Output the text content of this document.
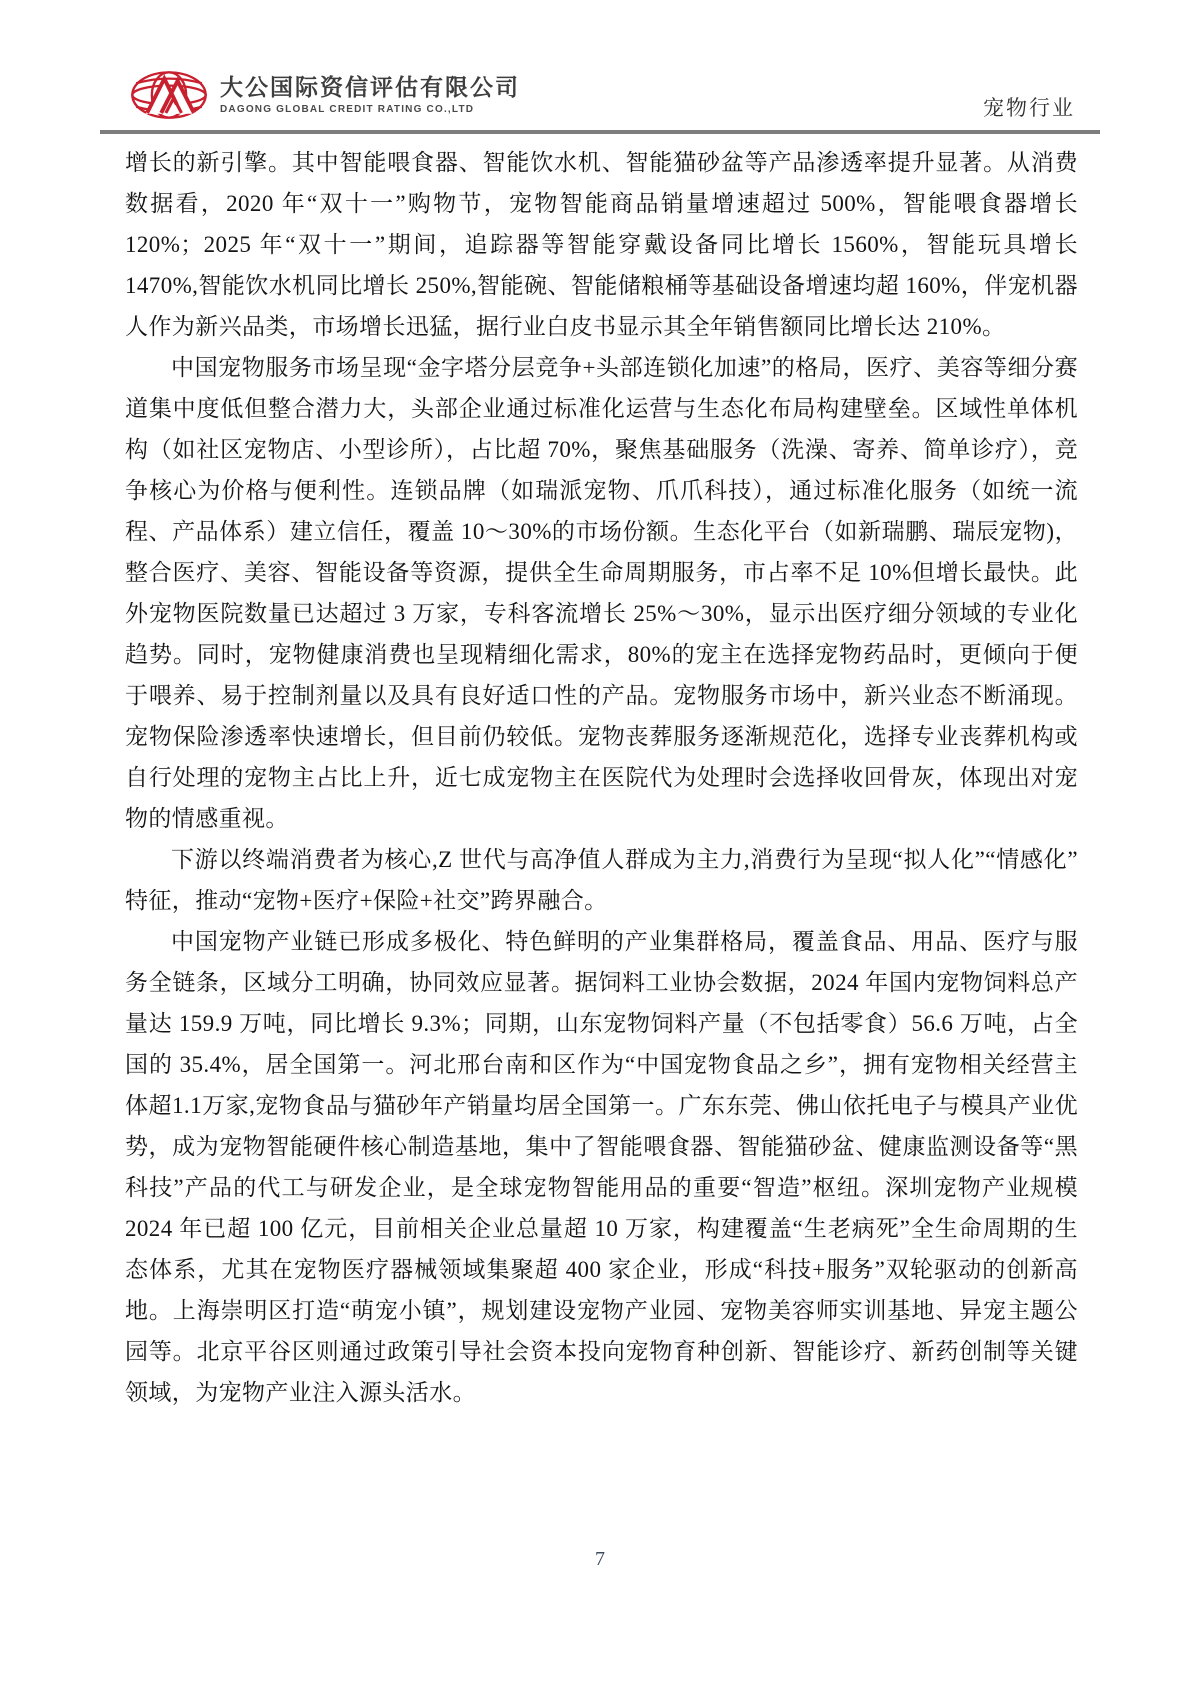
大公国际资信评估有限公司
DAGONG GLOBAL CREDIT RATING CO.,LTD	宠物行业

增长的新引擎。其中智能喂食器、智能饮水机、智能猫砂盆等产品渗透率提升显著。从消费数据看，2020 年“双十一”购物节，宠物智能商品销量增速超过 500%，智能喂食器增长 120%；2025 年“双十一”期间，追踪器等智能穿戴设备同比增长 1560%，智能玩具增长 1470%,智能饮水机同比增长 250%,智能碗、智能储粮桶等基础设备增速均超 160%，伴宠机器人作为新兴品类，市场增长迅猛，据行业白皮书显示其全年销售额同比增长达 210%。

中国宠物服务市场呈现“金字塔分层竞争+头部连锁化加速”的格局，医疗、美容等细分赛道集中度低但整合潜力大，头部企业通过标准化运营与生态化布局构建壁垒。区域性单体机构（如社区宠物店、小型诊所），占比超 70%，聚焦基础服务（洗澡、寄养、简单诊疗），竞争核心为价格与便利性。连锁品牌（如瑞派宠物、爪爪科技），通过标准化服务（如统一流程、产品体系）建立信任，覆盖 10～30%的市场份额。生态化平台（如新瑞鹏、瑞辰宠物)，整合医疗、美容、智能设备等资源，提供全生命周期服务，市占率不足 10%但增长最快。此外宠物医院数量已达超过 3 万家，专科客流增长 25%～30%，显示出医疗细分领域的专业化趋势。同时，宠物健康消费也呈现精细化需求，80%的宠主在选择宠物药品时，更倾向于便于喂养、易于控制剂量以及具有良好适口性的产品。宠物服务市场中，新兴业态不断涌现。宠物保险渗透率快速增长，但目前仍较低。宠物丧葬服务逐渐规范化，选择专业丧葬机构或自行处理的宠物主占比上升，近七成宠物主在医院代为处理时会选择收回骨灰，体现出对宠物的情感重视。

下游以终端消费者为核心,Z 世代与高净值人群成为主力,消费行为呈现“拟人化”“情感化”特征，推动“宠物+医疗+保险+社交”跨界融合。

中国宠物产业链已形成多极化、特色鲜明的产业集群格局，覆盖食品、用品、医疗与服务全链条，区域分工明确，协同效应显著。据饲料工业协会数据，2024 年国内宠物饲料总产量达 159.9 万吨，同比增长 9.3%；同期，山东宠物饲料产量（不包括零食）56.6 万吨，占全国的 35.4%，居全国第一。河北邢台南和区作为“中国宠物食品之乡”，拥有宠物相关经营主体超1.1万家,宠物食品与猫砂年产销量均居全国第一。广东东莞、佛山依托电子与模具产业优势，成为宠物智能硬件核心制造基地，集中了智能喂食器、智能猫砂盆、健康监测设备等“黑科技”产品的代工与研发企业，是全球宠物智能用品的重要“智造”枢纽。深圳宠物产业规模 2024 年已超 100 亿元，目前相关企业总量超 10 万家，构建覆盖“生老病死”全生命周期的生态体系，尤其在宠物医疗器械领域集聚超 400 家企业，形成“科技+服务”双轮驱动的创新高地。上海崇明区打造“萌宠小镇”，规划建设宠物产业园、宠物美容师实训基地、异宠主题公园等。北京平谷区则通过政策引导社会资本投向宠物育种创新、智能诊疗、新药创制等关键领域，为宠物产业注入源头活水。

7
